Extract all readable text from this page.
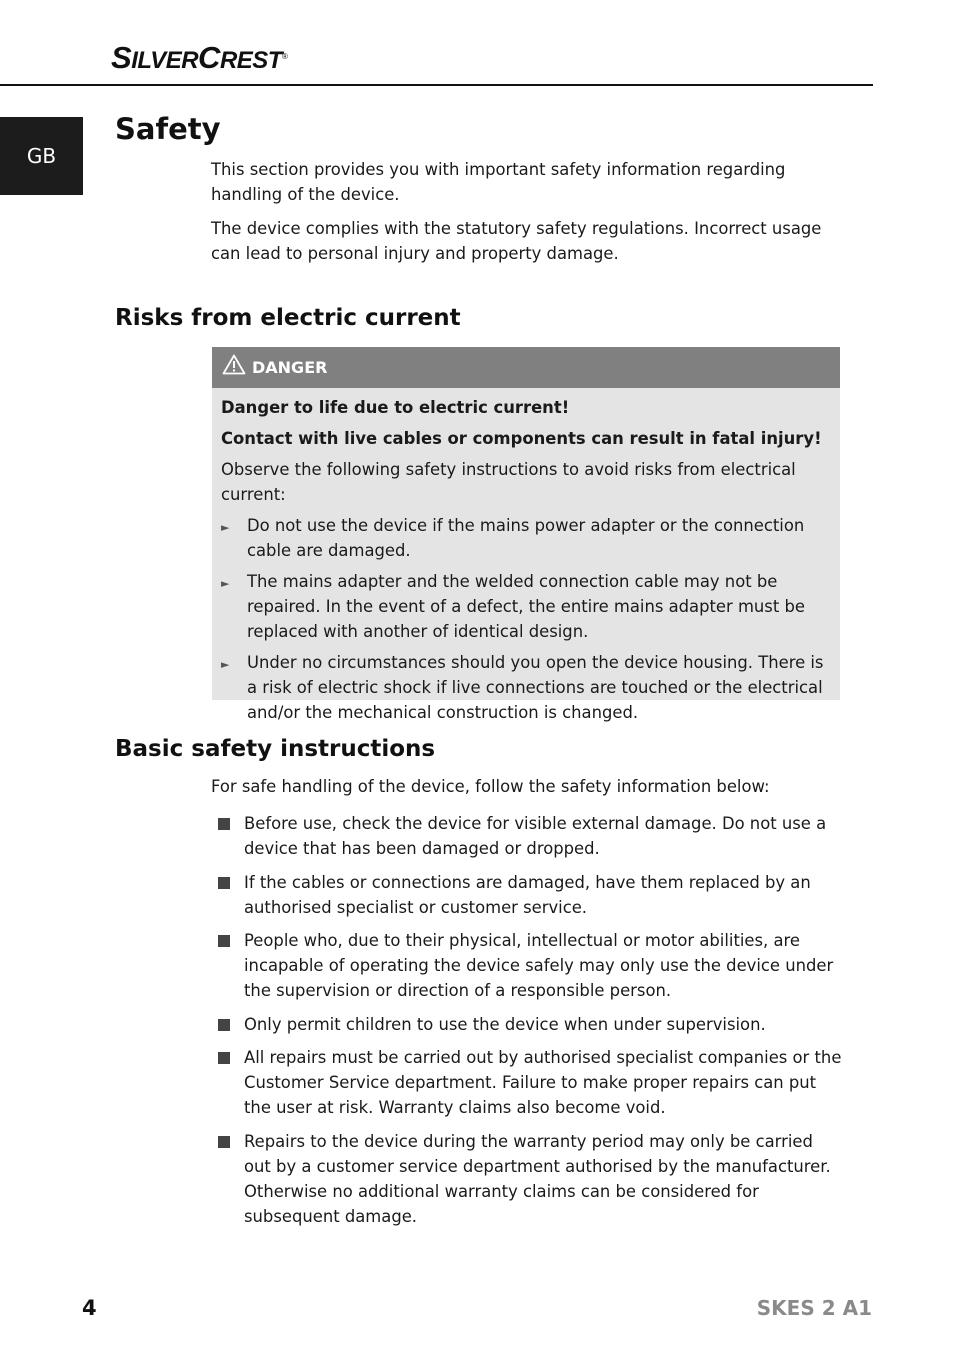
SILVERCREST®
GB
Safety

This section provides you with important safety information regarding handling of the device.

The device complies with the statutory safety regulations. Incorrect usage can lead to personal injury and property damage.

Risks from electric current
DANGER
Danger to life due to electric current!
Contact with live cables or components can result in fatal injury!
Observe the following safety instructions to avoid risks from electrical current:
►	Do not use the device if the mains power adapter or the connection cable are damaged.
►	The mains adapter and the welded connection cable may not be repaired. In the event of a defect, the entire mains adapter must be replaced with another of identical design.
►	Under no circumstances should you open the device housing. There is a risk of electric shock if live connections are touched or the electrical and/or the mechanical construction is changed.
Basic safety instructions

For safe handling of the device, follow the safety information below:

Before use, check the device for visible external damage. Do not use a device that has been damaged or dropped.
If the cables or connections are damaged, have them replaced by an authorised specialist or customer service.
People who, due to their physical, intellectual or motor abilities, are incapable of operating the device safely may only use the device under the supervision or direction of a responsible person.
Only permit children to use the device when under supervision.
All repairs must be carried out by authorised specialist companies or the Customer Service department. Failure to make proper repairs can put the user at risk. Warranty claims also become void.
Repairs to the device during the warranty period may only be carried out by a customer service department authorised by the manufacturer. Otherwise no additional warranty claims can be considered for subsequent damage.
4	SKES 2 A1
